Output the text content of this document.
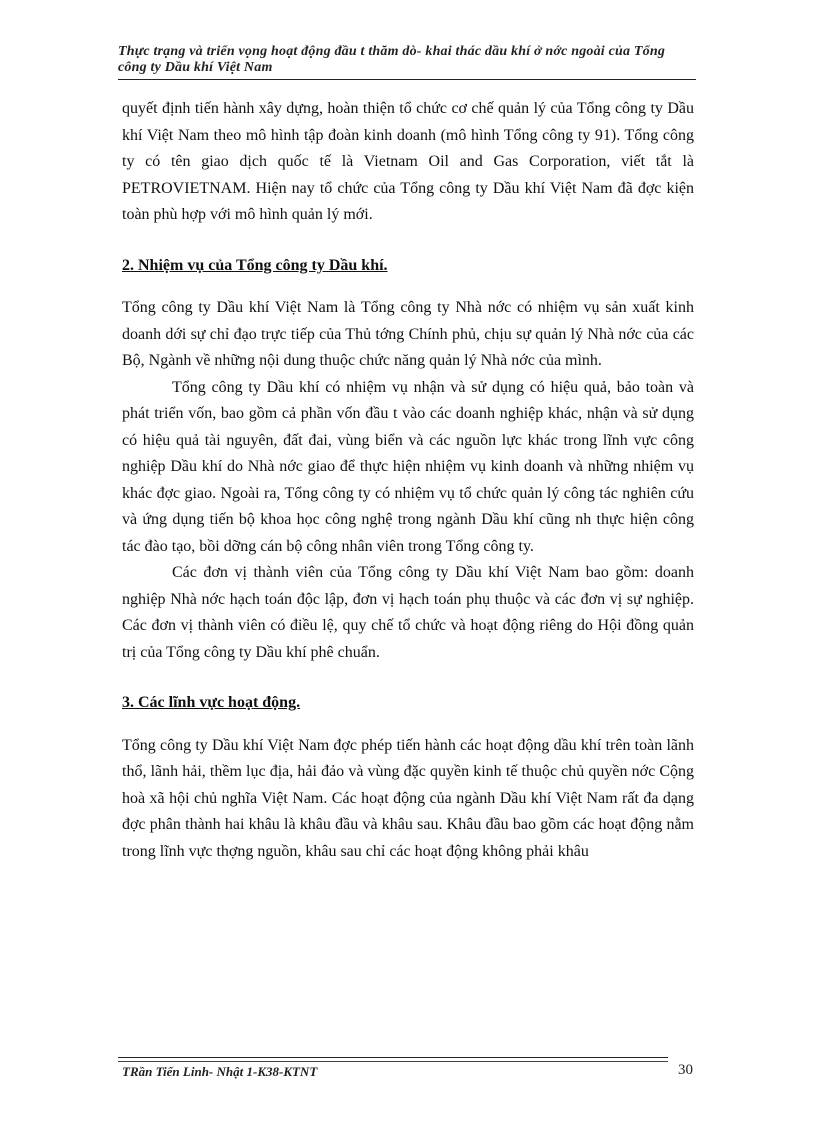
Thực trạng và triển vọng hoạt động đầu t thăm dò- khai thác dầu khí ở nớc ngoài của Tổng công ty Dầu khí Việt Nam

quyết định tiến hành xây dựng, hoàn thiện tổ chức cơ chế quản lý của Tổng công ty Dầu khí Việt Nam theo mô hình tập đoàn kinh doanh (mô hình Tổng công ty 91). Tổng công ty có tên giao dịch quốc tế là Vietnam Oil and Gas Corporation, viết tắt là PETROVIETNAM. Hiện nay tổ chức của Tổng công ty Dầu khí Việt Nam đã đợc kiện toàn phù hợp với mô hình quản lý mới.

2. Nhiệm vụ của Tổng công ty Dầu khí.

Tổng công ty Dầu khí Việt Nam là Tổng công ty Nhà nớc có nhiệm vụ sản xuất kinh doanh dới sự chỉ đạo trực tiếp của Thủ tớng Chính phủ, chịu sự quản lý Nhà nớc của các Bộ, Ngành về những nội dung thuộc chức năng quản lý Nhà nớc của mình.

Tổng công ty Dầu khí có nhiệm vụ nhận và sử dụng có hiệu quả, bảo toàn và phát triển vốn, bao gồm cả phần vốn đầu t vào các doanh nghiệp khác, nhận và sử dụng có hiệu quả tài nguyên, đất đai, vùng biển và các nguồn lực khác trong lĩnh vực công nghiệp Dầu khí do Nhà nớc giao để thực hiện nhiệm vụ kinh doanh và những nhiệm vụ khác đợc giao. Ngoài ra, Tổng công ty có nhiệm vụ tổ chức quản lý công tác nghiên cứu và ứng dụng tiến bộ khoa học công nghệ trong ngành Dầu khí cũng nh thực hiện công tác đào tạo, bồi dỡng cán bộ công nhân viên trong Tổng công ty.

Các đơn vị thành viên của Tổng công ty Dầu khí Việt Nam bao gồm: doanh nghiệp Nhà nớc hạch toán độc lập, đơn vị hạch toán phụ thuộc và các đơn vị sự nghiệp. Các đơn vị thành viên có điều lệ, quy chế tổ chức và hoạt động riêng do Hội đồng quản trị của Tổng công ty Dầu khí phê chuẩn.

3. Các lĩnh vực hoạt động.

Tổng công ty Dầu khí Việt Nam đợc phép tiến hành các hoạt động dầu khí trên toàn lãnh thổ, lãnh hải, thềm lục địa, hải đảo và vùng đặc quyền kinh tế thuộc chủ quyền nớc Cộng hoà xã hội chủ nghĩa Việt Nam. Các hoạt động của ngành Dầu khí Việt Nam rất đa dạng đợc phân thành hai khâu là khâu đầu và khâu sau. Khâu đầu bao gồm các hoạt động nằm trong lĩnh vực thợng nguồn, khâu sau chỉ các hoạt động không phải khâu

TRần Tiến Linh- Nhật 1-K38-KTNT	30
